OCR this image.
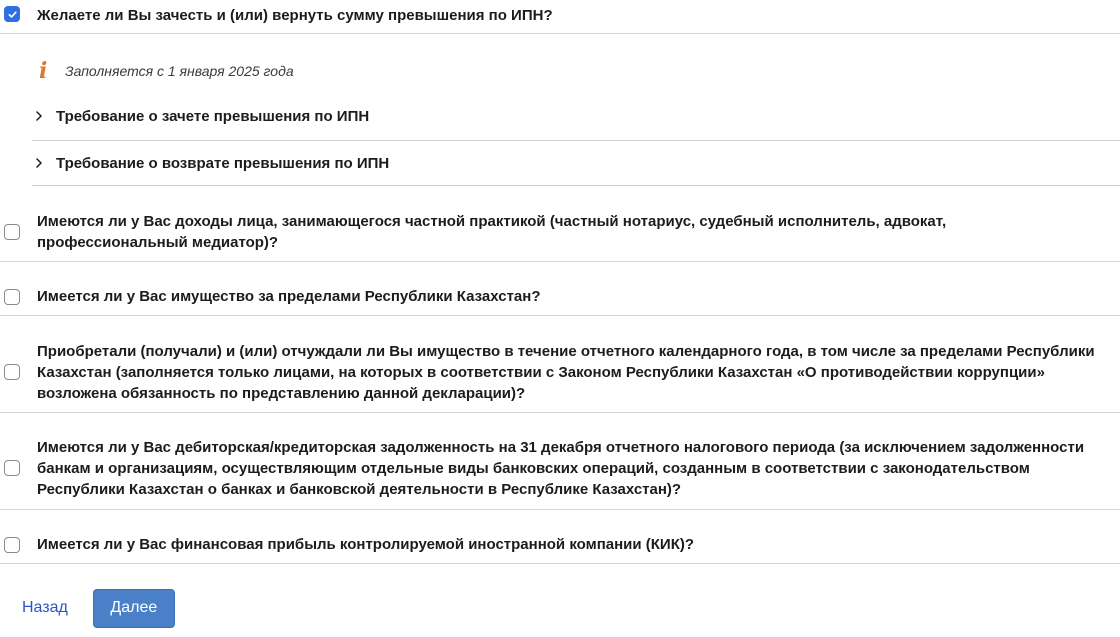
Желаете ли Вы зачесть и (или) вернуть сумму превышения по ИПН?
i	Заполняется с 1 января 2025 года
Требование о зачете превышения по ИПН
Требование о возврате превышения по ИПН
Имеются ли у Вас доходы лица, занимающегося частной практикой (частный нотариус, судебный исполнитель, адвокат, профессиональный медиатор)?
Имеется ли у Вас имущество за пределами Республики Казахстан?
Приобретали (получали) и (или) отчуждали ли Вы имущество в течение отчетного календарного года, в том числе за пределами Республики Казахстан (заполняется только лицами, на которых в соответствии с Законом Республики Казахстан «О противодействии коррупции» возложена обязанность по представлению данной декларации)?
Имеются ли у Вас дебиторская/кредиторская задолженность на 31 декабря отчетного налогового периода (за исключением задолженности банкам и организациям, осуществляющим отдельные виды банковских операций, созданным в соответствии с законодательством Республики Казахстан о банках и банковской деятельности в Республике Казахстан)?
Имеется ли у Вас финансовая прибыль контролируемой иностранной компании (КИК)?
Назад	Далее
